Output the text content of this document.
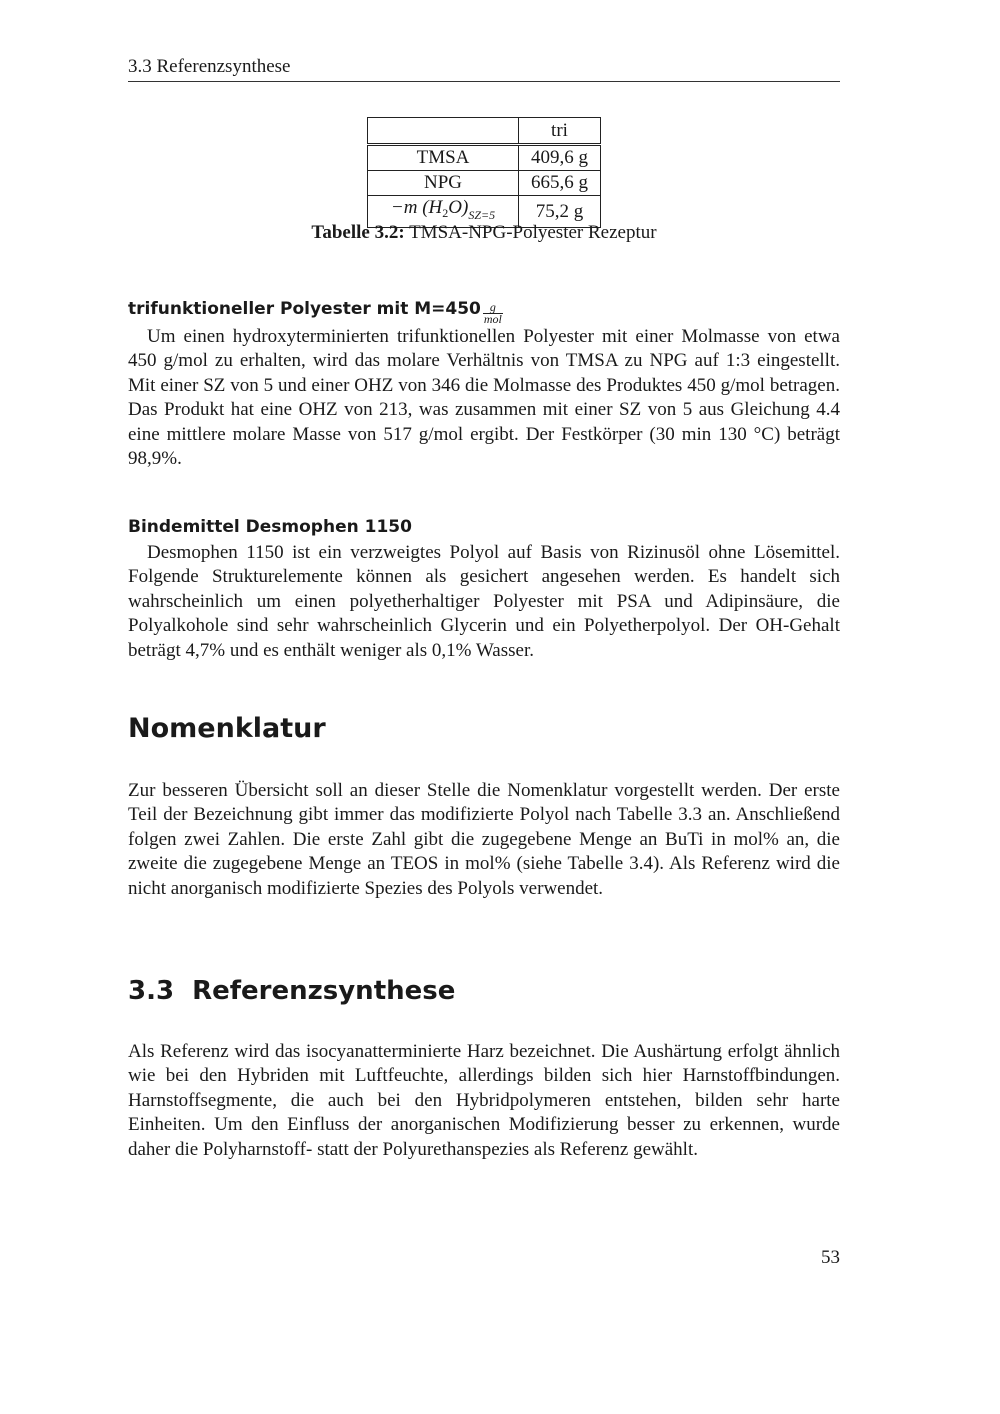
3.3 Referenzsynthese
	tri
TMSA	409,6 g
NPG	665,6 g
−m $(H_2O)_{SZ=5}$	75,2 g
Tabelle 3.2: TMSA-NPG-Polyester Rezeptur
trifunktioneller Polyester mit $M=450 \frac{g}{\text{mol}}$

Um einen hydroxyterminierten trifunktionellen Polyester mit einer Molmasse von etwa 450 g/mol zu erhalten, wird das molare Verhältnis von TMSA zu NPG auf 1:3 eingestellt. Mit einer SZ von 5 und einer OHZ von 346 die Molmasse des Produktes 450 g/mol betragen. Das Produkt hat eine OHZ von 213, was zusammen mit einer SZ von 5 aus Gleichung 4.4 eine mittlere molare Masse von 517 g/mol ergibt. Der Festkörper (30 min 130 °C) beträgt 98,9%.

Bindemittel Desmophen 1150

Desmophen 1150 ist ein verzweigtes Polyol auf Basis von Rizinusöl ohne Lösemittel. Folgende Strukturelemente können als gesichert angesehen werden. Es handelt sich wahrscheinlich um einen polyetherhaltiger Polyester mit PSA und Adipinsäure, die Polyalkohole sind sehr wahrscheinlich Glycerin und ein Polyetherpolyol. Der OH-Gehalt beträgt 4,7% und es enthält weniger als 0,1% Wasser.

Nomenklatur

Zur besseren Übersicht soll an dieser Stelle die Nomenklatur vorgestellt werden. Der erste Teil der Bezeichnung gibt immer das modifizierte Polyol nach Tabelle 3.3 an. Anschließend folgen zwei Zahlen. Die erste Zahl gibt die zugegebene Menge an BuTi in mol% an, die zweite die zugegebene Menge an TEOS in mol% (siehe Tabelle 3.4). Als Referenz wird die nicht anorganisch modifizierte Spezies des Polyols verwendet.

3.3 Referenzsynthese

Als Referenz wird das isocyanatterminierte Harz bezeichnet. Die Aushärtung erfolgt ähnlich wie bei den Hybriden mit Luftfeuchte, allerdings bilden sich hier Harnstoffbindungen. Harnstoffsegmente, die auch bei den Hybridpolymeren entstehen, bilden sehr harte Einheiten. Um den Einfluss der anorganischen Modifizierung besser zu erkennen, wurde daher die Polyharnstoff- statt der Polyurethanspezies als Referenz gewählt.

53
